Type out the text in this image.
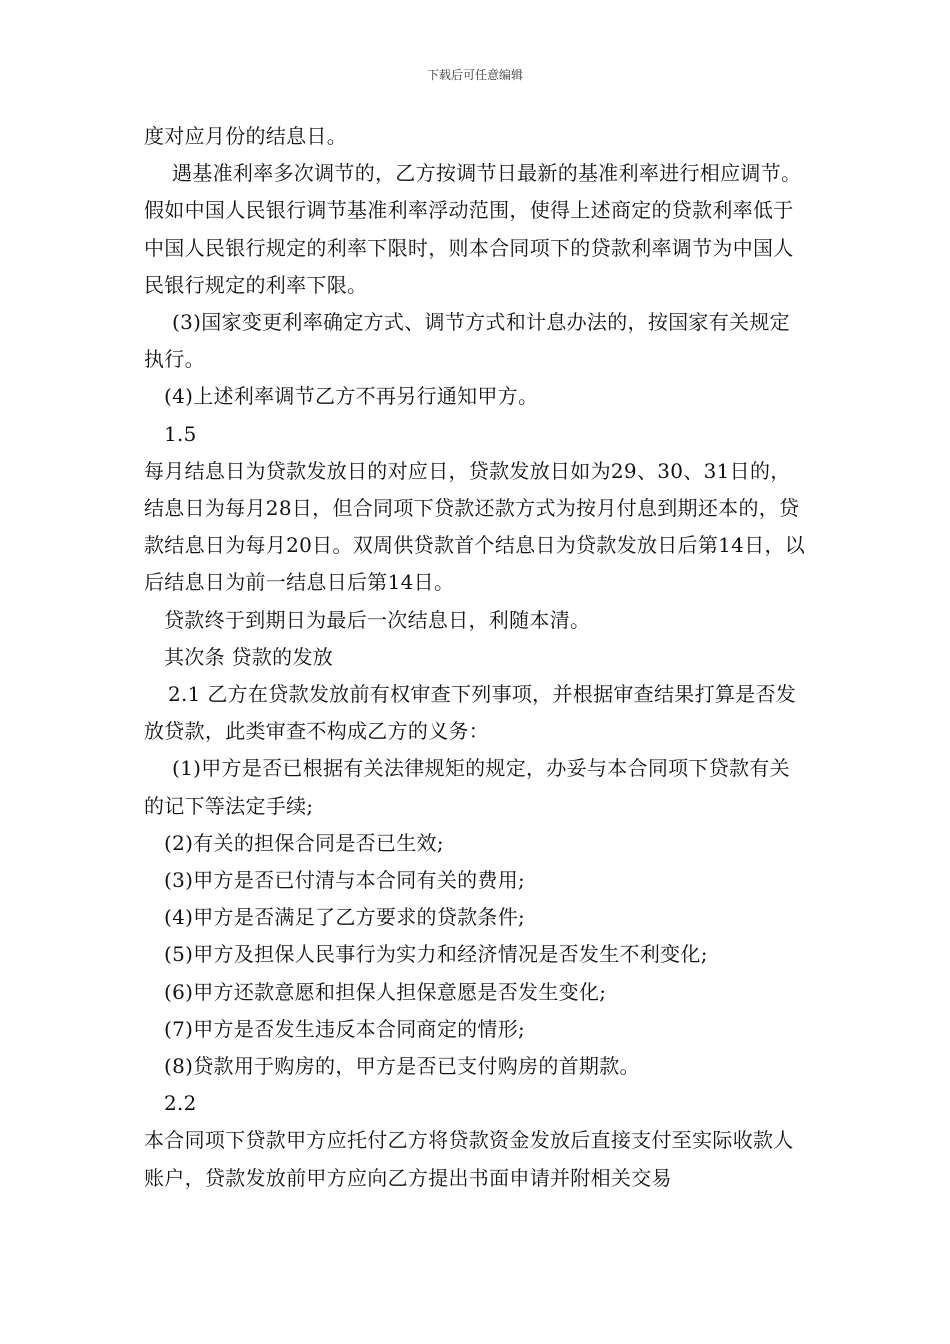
下载后可任意编辑

度对应月份的结息日。

遇基准利率多次调节的，乙方按调节日最新的基准利率进行相应调节。假如中国人民银行调节基准利率浮动范围，使得上述商定的贷款利率低于中国人民银行规定的利率下限时，则本合同项下的贷款利率调节为中国人民银行规定的利率下限。

(3)国家变更利率确定方式、调节方式和计息办法的，按国家有关规定执行。

(4)上述利率调节乙方不再另行通知甲方。

1.5

每月结息日为贷款发放日的对应日，贷款发放日如为29、30、31日的，结息日为每月28日，但合同项下贷款还款方式为按月付息到期还本的，贷款结息日为每月20日。双周供贷款首个结息日为贷款发放日后第14日，以后结息日为前一结息日后第14日。

贷款终于到期日为最后一次结息日，利随本清。

其次条 贷款的发放

2.1 乙方在贷款发放前有权审查下列事项，并根据审查结果打算是否发放贷款，此类审查不构成乙方的义务：

(1)甲方是否已根据有关法律规矩的规定，办妥与本合同项下贷款有关的记下等法定手续;

(2)有关的担保合同是否已生效;

(3)甲方是否已付清与本合同有关的费用;

(4)甲方是否满足了乙方要求的贷款条件;

(5)甲方及担保人民事行为实力和经济情况是否发生不利变化;

(6)甲方还款意愿和担保人担保意愿是否发生变化;

(7)甲方是否发生违反本合同商定的情形;

(8)贷款用于购房的，甲方是否已支付购房的首期款。

2.2

本合同项下贷款甲方应托付乙方将贷款资金发放后直接支付至实际收款人账户，贷款发放前甲方应向乙方提出书面申请并附相关交易
